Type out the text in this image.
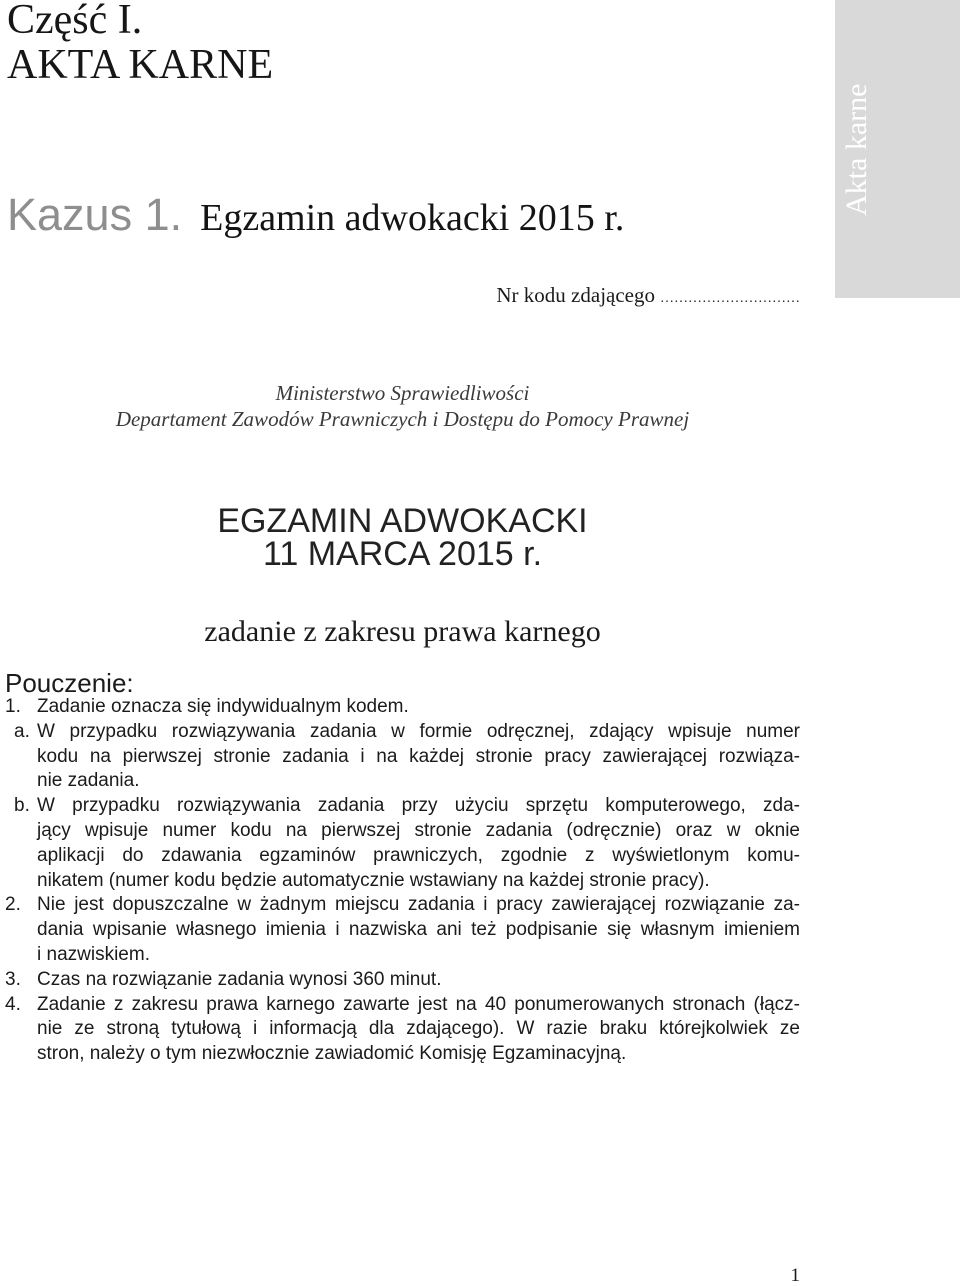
Część I.
AKTA KARNE
Kazus 1. Egzamin adwokacki 2015 r.
Akta karne
Nr kodu zdającego …………………………
Ministerstwo Sprawiedliwości
Departament Zawodów Prawniczych i Dostępu do Pomocy Prawnej
EGZAMIN ADWOKACKI
11 MARCA 2015 r.
zadanie z zakresu prawa karnego
Pouczenie:
1. Zadanie oznacza się indywidualnym kodem.
a. W przypadku rozwiązywania zadania w formie odręcznej, zdający wpisuje numer
kodu na pierwszej stronie zadania i na każdej stronie pracy zawierającej rozwiąza-
nie zadania.
b. W przypadku rozwiązywania zadania przy użyciu sprzętu komputerowego, zda-
jący wpisuje numer kodu na pierwszej stronie zadania (odręcznie) oraz w oknie
aplikacji do zdawania egzaminów prawniczych, zgodnie z wyświetlonym komu-
nikatem (numer kodu będzie automatycznie wstawiany na każdej stronie pracy).
2. Nie jest dopuszczalne w żadnym miejscu zadania i pracy zawierającej rozwiązanie za-
dania wpisanie własnego imienia i nazwiska ani też podpisanie się własnym imieniem
i nazwiskiem.
3. Czas na rozwiązanie zadania wynosi 360 minut.
4. Zadanie z zakresu prawa karnego zawarte jest na 40 ponumerowanych stronach (łącz-
nie ze stroną tytułową i informacją dla zdającego). W razie braku którejkolwiek ze
stron, należy o tym niezwłocznie zawiadomić Komisję Egzaminacyjną.
1
